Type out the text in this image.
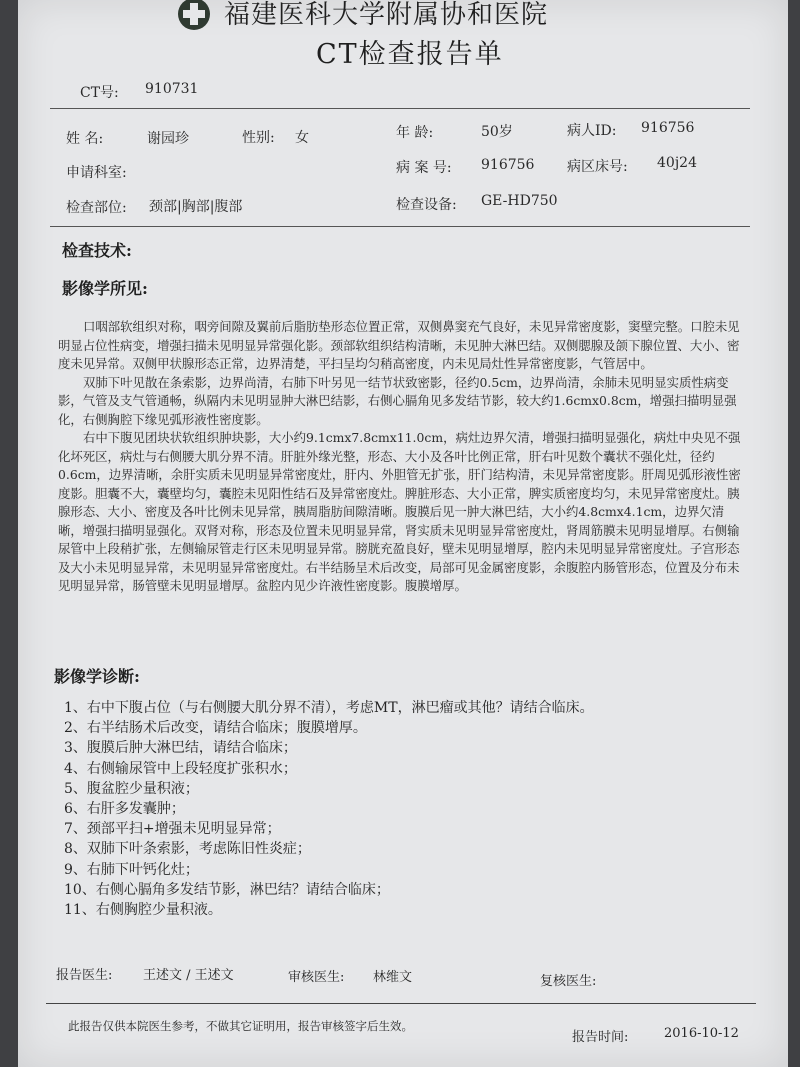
福建医科大学附属协和医院
CT检查报告单
CT号: 910731
姓 名:	谢园珍	性别: 女	年 龄:	50岁	病人ID: 916756
申请科室:	病 案 号: 916756 病区床号: 40j24
检查部位: 颈部|胸部|腹部	检查设备: GE-HD750
检查技术:
影像学所见:

口咽部软组织对称，咽旁间隙及翼前后脂肪垫形态位置正常，双侧鼻窦充气良好，未见异常密度影，窦壁完整。口腔未见明显占位性病变，增强扫描未见明显异常强化影。颈部软组织结构清晰，未见肿大淋巴结。双侧腮腺及颌下腺位置、大小、密度未见异常。双侧甲状腺形态正常，边界清楚，平扫呈均匀稍高密度，内未见局灶性异常密度影，气管居中。

双肺下叶见散在条索影，边界尚清，右肺下叶另见一结节状致密影，径约0.5cm，边界尚清，余肺未见明显实质性病变影，气管及支气管通畅，纵隔内未见明显肿大淋巴结影，右侧心膈角见多发结节影，较大约1.6cmx0.8cm，增强扫描明显强化，右侧胸腔下缘见弧形液性密度影。

右中下腹见团块状软组织肿块影，大小约9.1cmx7.8cmx11.0cm，病灶边界欠清，增强扫描明显强化，病灶中央见不强化坏死区，病灶与右侧腰大肌分界不清。肝脏外缘光整，形态、大小及各叶比例正常，肝右叶见数个囊状不强化灶，径约0.6cm，边界清晰，余肝实质未见明显异常密度灶，肝内、外胆管无扩张，肝门结构清，未见异常密度影。肝周见弧形液性密度影。胆囊不大，囊壁均匀，囊腔未见阳性结石及异常密度灶。脾脏形态、大小正常，脾实质密度均匀，未见异常密度灶。胰腺形态、大小、密度及各叶比例未见异常，胰周脂肪间隙清晰。腹膜后见一肿大淋巴结，大小约4.8cmx4.1cm，边界欠清晰，增强扫描明显强化。双肾对称，形态及位置未见明显异常，肾实质未见明显异常密度灶，肾周筋膜未见明显增厚。右侧输尿管中上段稍扩张，左侧输尿管走行区未见明显异常。膀胱充盈良好，壁未见明显增厚，腔内未见明显异常密度灶。子宫形态及大小未见明显异常，未见明显异常密度灶。右半结肠呈术后改变，局部可见金属密度影，余腹腔内肠管形态，位置及分布未见明显异常，肠管壁未见明显增厚。盆腔内见少许液性密度影。腹膜增厚。

影像学诊断:
1、右中下腹占位（与右侧腰大肌分界不清），考虑MT，淋巴瘤或其他？请结合临床。
2、右半结肠术后改变，请结合临床；腹膜增厚。
3、腹膜后肿大淋巴结，请结合临床；
4、右侧输尿管中上段轻度扩张积水；
5、腹盆腔少量积液；
6、右肝多发囊肿；
7、颈部平扫+增强未见明显异常；
8、双肺下叶条索影，考虑陈旧性炎症；
9、右肺下叶钙化灶；
10、右侧心膈角多发结节影，淋巴结？请结合临床；
11、右侧胸腔少量积液。
报告医生: 王述文 / 王述文	审核医生: 林维文	复核医生:
此报告仅供本院医生参考，不做其它证明用，报告审核签字后生效。
报告时间:	2016-10-12
